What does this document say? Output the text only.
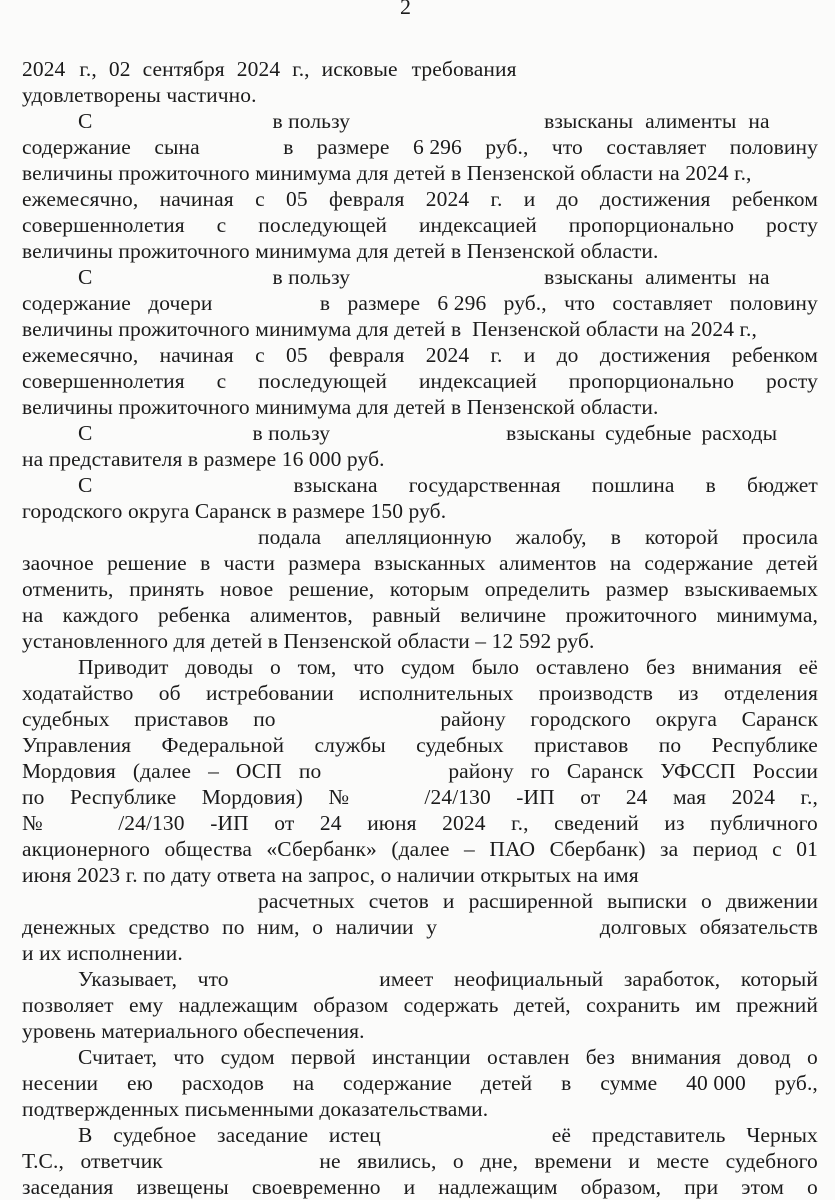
2
2024 г., 02 сентября 2024 г., исковые требования
удовлетворены частично.
С	в пользу	взысканы алименты на
содержание сына	в размере 6 296 руб., что составляет половину
величины прожиточного минимума для детей в Пензенской области на 2024 г.,
ежемесячно, начиная с 05 февраля 2024 г. и до достижения ребенком
совершеннолетия с последующей индексацией пропорционально росту
величины прожиточного минимума для детей в Пензенской области.
С	в пользу	взысканы алименты на
содержание дочери	в размере 6 296 руб., что составляет половину
величины прожиточного минимума для детей в  Пензенской области на 2024 г.,
ежемесячно, начиная с 05 февраля 2024 г. и до достижения ребенком
совершеннолетия с последующей индексацией пропорционально росту
величины прожиточного минимума для детей в Пензенской области.
С	в пользу	взысканы судебные расходы
на представителя в размере 16 000 руб.
С	взыскана государственная пошлина в бюджет
городского округа Саранск в размере 150 руб.
подала апелляционную жалобу, в которой просила
заочное решение в части размера взысканных алиментов на содержание детей
отменить, принять новое решение, которым определить размер взыскиваемых
на каждого ребенка алиментов, равный величине прожиточного минимума,
установленного для детей в Пензенской области – 12 592 руб.
Приводит доводы о том, что судом было оставлено без внимания её
ходатайство об истребовании исполнительных производств из отделения
судебных приставов по	району городского округа Саранск
Управления Федеральной службы судебных приставов по Республике
Мордовия (далее – ОСП по	району го Саранск УФССП России
по Республике Мордовия) №	/24/130 -ИП от 24 мая 2024 г.,
№	/24/130 -ИП от 24 июня 2024 г., сведений из публичного
акционерного общества «Сбербанк» (далее – ПАО Сбербанк) за период с 01
июня 2023 г. по дату ответа на запрос, о наличии открытых на имя
расчетных счетов и расширенной выписки о движении
денежных средство по ним, о наличии у	долговых обязательств
и их исполнении.
Указывает, что	имеет неофициальный заработок, который
позволяет ему надлежащим образом содержать детей, сохранить им прежний
уровень материального обеспечения.
Считает, что судом первой инстанции оставлен без внимания довод о
несении ею расходов на содержание детей в сумме 40 000 руб.,
подтвержденных письменными доказательствами.
В судебное заседание истец	её представитель Черных
Т.С., ответчик	не явились, о дне, времени и месте судебного
заседания извещены своевременно и надлежащим образом, при этом о
